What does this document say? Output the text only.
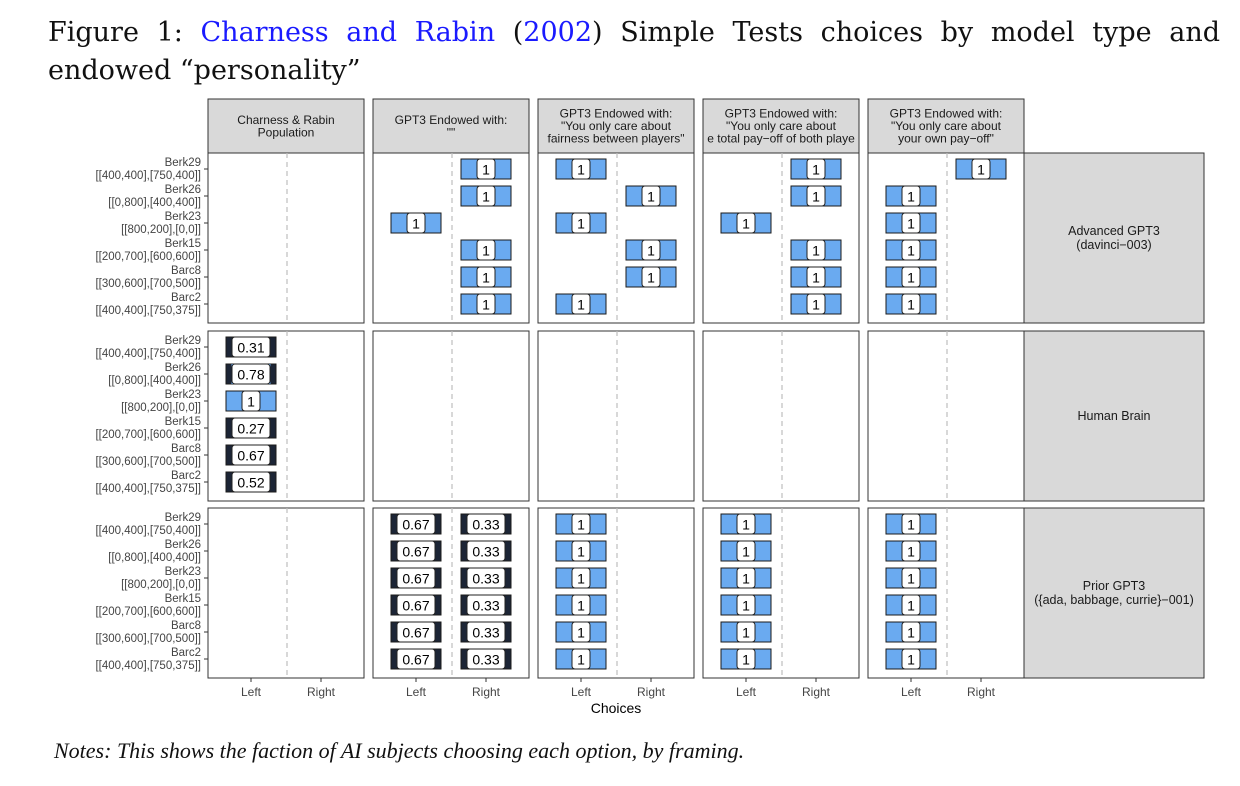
Figure 1: Charness and Rabin (2002) Simple Tests choices by model type and endowed “personality”
Charness & Rabin
Population
GPT3 Endowed with:
""
GPT3 Endowed with:
"You only care about
fairness between players"
GPT3 Endowed with:
"You only care about
e total pay−off of both playe
GPT3 Endowed with:
"You only care about
your own pay−off"
Advanced GPT3
(davinci−003)
Berk29
[[400,400],[750,400]]
Berk26
[[0,800],[400,400]]
Berk23
[[800,200],[0,0]]
Berk15
[[200,700],[600,600]]
Barc8
[[300,600],[700,500]]
Barc2
[[400,400],[750,375]]
Human Brain
Berk29
[[400,400],[750,400]]
Berk26
[[0,800],[400,400]]
Berk23
[[800,200],[0,0]]
Berk15
[[200,700],[600,600]]
Barc8
[[300,600],[700,500]]
Barc2
[[400,400],[750,375]]
Prior GPT3
({ada, babbage, currie}−001)
Berk29
[[400,400],[750,400]]
Berk26
[[0,800],[400,400]]
Berk23
[[800,200],[0,0]]
Berk15
[[200,700],[600,600]]
Barc8
[[300,600],[700,500]]
Barc2
[[400,400],[750,375]]
1
1
1
1
1
1
1
1
1
1
1
1
1
1
1
1
1
1
1
1
1
1
1
1
0.31
0.78
1
0.27
0.67
0.52
0.67	0.33
0.67	0.33
0.67	0.33
0.67	0.33
0.67	0.33
0.67	0.33
1
1
1
1
1
1
1
1
1
1
1
1
1
1
1
1
1
1
Left	Right	Left	Right	Left	Right	Left	Right	Left	Right
Choices
Notes: This shows the faction of AI subjects choosing each option, by framing.
